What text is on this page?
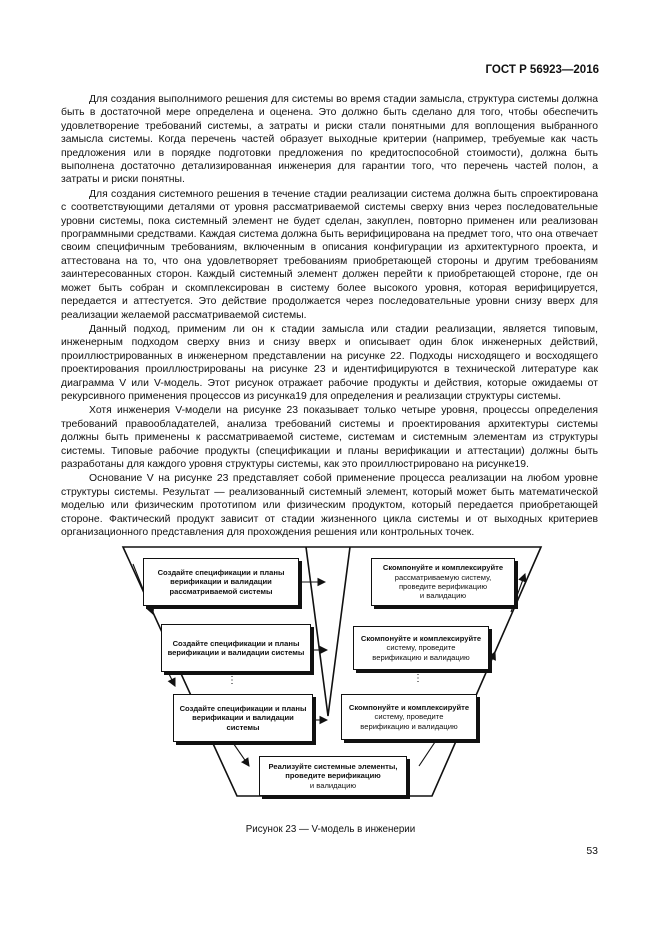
ГОСТ Р 56923—2016

Для создания выполнимого решения для системы во время стадии замысла, структура системы должна быть в достаточной мере определена и оценена. Это должно быть сделано для того, чтобы обеспечить удовлетворение требований системы, а затраты и риски стали понятными для воплощения выбранного замысла системы. Когда перечень частей образует выходные критерии (например, требуемые как часть предложения или в порядке подготовки предложения по кредитоспособной стоимости), должна быть выполнена достаточно детализированная инженерия для гарантии того, что перечень частей полон, а затраты и риски понятны.

Для создания системного решения в течение стадии реализации система должна быть спроектирована с соответствующими деталями от уровня рассматриваемой системы сверху вниз через последовательные уровни системы, пока системный элемент не будет сделан, закуплен, повторно применен или реализован программными средствами. Каждая система должна быть верифицирована на предмет того, что она отвечает своим специфичным требованиям, включенным в описания конфигурации из архитектурного проекта, и аттестована на то, что она удовлетворяет требованиям приобретающей стороны и другим требованиям заинтересованных сторон. Каждый системный элемент должен перейти к приобретающей стороне, где он может быть собран и скомплексирован в систему более высокого уровня, которая верифицируется, передается и аттестуется. Это действие продолжается через последовательные уровни снизу вверх для реализации желаемой рассматриваемой системы.

Данный подход, применим ли он к стадии замысла или стадии реализации, является типовым, инженерным подходом сверху вниз и снизу вверх и описывает один блок инженерных действий, проиллюстрированных в инженерном представлении на рисунке 22. Подходы нисходящего и восходящего проектирования проиллюстрированы на рисунке 23 и идентифицируются в технической литературе как диаграмма V или V-модель. Этот рисунок отражает рабочие продукты и действия, которые ожидаемы от рекурсивного применения процессов из рисунка19 для определения и реализации структуры системы.

Хотя инженерия V-модели на рисунке 23 показывает только четыре уровня, процессы определения требований правообладателей, анализа требований системы и проектирования архитектуры системы должны быть применены к рассматриваемой системе, системам и системным элементам из структуры системы. Типовые рабочие продукты (спецификации и планы верификации и аттестации) должны быть разработаны для каждого уровня структуры системы, как это проиллюстрировано на рисунке19.

Основание V на рисунке 23 представляет собой применение процесса реализации на любом уровне структуры системы. Результат — реализованный системный элемент, который может быть математической моделью или физическим прототипом или физическим продуктом, который передается приобретающей стороне. Фактический продукт зависит от стадии жизненного цикла системы и от выходных критериев организационного представления для прохождения решения или контрольных точек.

Создайте спецификации и планы верификации и валидации рассматриваемой системы
Создайте спецификации и планы верификации и валидации системы
Создайте спецификации и планы верификации и валидации системы
Скомпонуйте и комплексируйте
рассматриваемую систему,
проведите верификацию
и валидацию
Скомпонуйте и комплексируйте
систему, проведите
верификацию и валидацию
Скомпонуйте и комплексируйте
систему, проведите
верификацию и валидацию
Реализуйте системные элементы,
проведите верификацию
и валидацию
⋮	⋮
Рисунок 23 — V-модель в инженерии
53
